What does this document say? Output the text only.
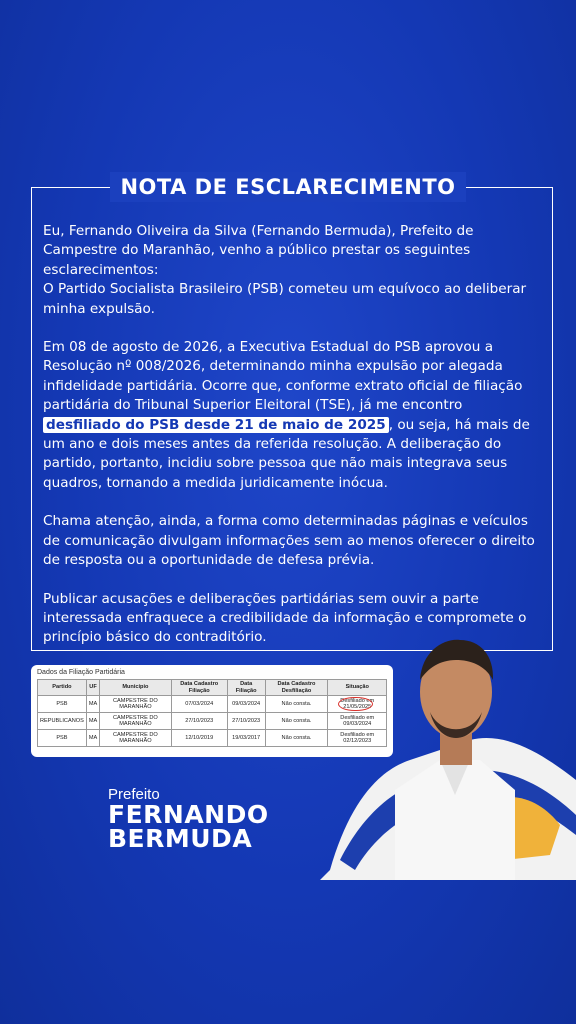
NOTA DE ESCLARECIMENTO

Eu, Fernando Oliveira da Silva (Fernando Bermuda), Prefeito de Campestre do Maranhão, venho a público prestar os seguintes esclarecimentos:
O Partido Socialista Brasileiro (PSB) cometeu um equívoco ao deliberar minha expulsão.

Em 08 de agosto de 2026, a Executiva Estadual do PSB aprovou a Resolução nº 008/2026, determinando minha expulsão por alegada infidelidade partidária. Ocorre que, conforme extrato oficial de filiação partidária do Tribunal Superior Eleitoral (TSE), já me encontro desfiliado do PSB desde 21 de maio de 2025 , ou seja, há mais de um ano e dois meses antes da referida resolução. A deliberação do partido, portanto, incidiu sobre pessoa que não mais integrava seus quadros, tornando a medida juridicamente inócua.

Chama atenção, ainda, a forma como determinadas páginas e veículos de comunicação divulgam informações sem ao menos oferecer o direito de resposta ou a oportunidade de defesa prévia.

Publicar acusações e deliberações partidárias sem ouvir a parte interessada enfraquece a credibilidade da informação e compromete o princípio básico do contraditório.

Dados da Filiação Partidária
Partido	UF	Município	Data Cadastro Filiação	Data Filiação	Data Cadastro Desfiliação	Situação
PSB	MA	CAMPESTRE DO MARANHÃO	07/03/2024	09/03/2024	Não consta.	Desfiliado em 21/05/2025
REPUBLICANOS	MA	CAMPESTRE DO MARANHÃO	27/10/2023	27/10/2023	Não consta.	Desfiliado em 09/03/2024
PSB	MA	CAMPESTRE DO MARANHÃO	12/10/2019	19/03/2017	Não consta.	Desfiliado em 02/12/2023
Prefeito
FERNANDO
BERMUDA
